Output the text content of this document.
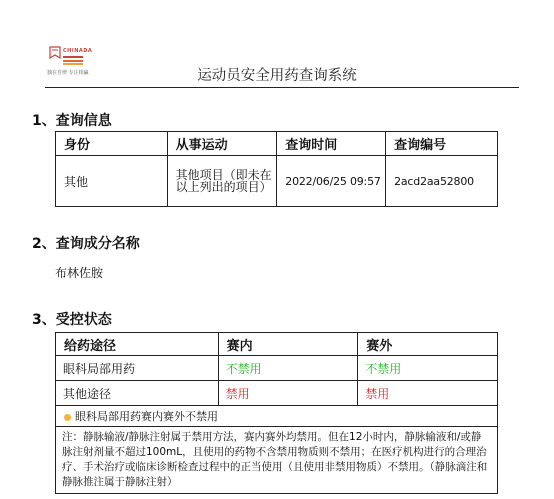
CHINADA
独在自律 专注相赢	运动员安全用药查询系统
1、查询信息
身份	从事运动	查询时间	查询编号
其他	其他项目（即未在以上列出的项目）	2022/06/25 09:57	2acd2aa52800
2、查询成分名称
布林佐胺
3、受控状态
给药途径	赛内	赛外
眼科局部用药	不禁用	不禁用
其他途径	禁用	禁用
眼科局部用药赛内赛外不禁用		
注：静脉输液/静脉注射属于禁用方法，赛内赛外均禁用。但在12小时内，静脉输液和/或静脉注射剂量不超过100mL，且使用的药物不含禁用物质则不禁用；在医疗机构进行的合理治疗、手术治疗或临床诊断检查过程中的正当使用（且使用非禁用物质）不禁用。（静脉滴注和静脉推注属于静脉注射）		
